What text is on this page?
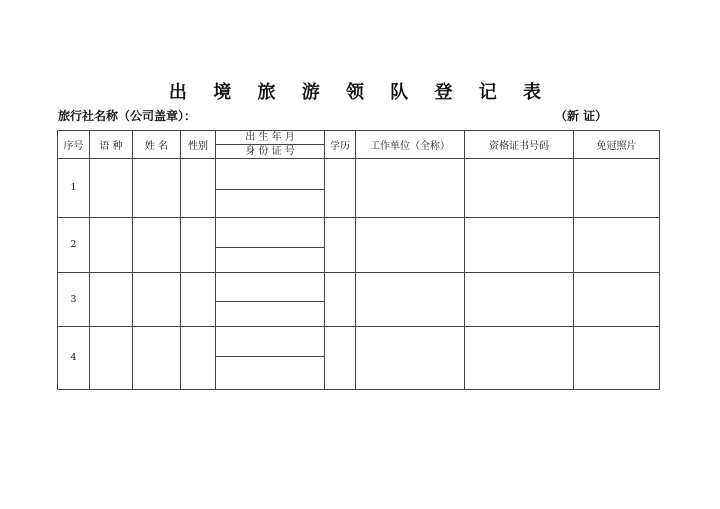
出 境 旅 游 领 队 登 记 表
旅行社名称（公司盖章）：	（新 证）
序号	语 种	姓 名	性别	出 生 年 月	学历	工作单位（全称）	资格证书号码	免冠照片
				身 份 证 号				
1								

2								

3								

4								
